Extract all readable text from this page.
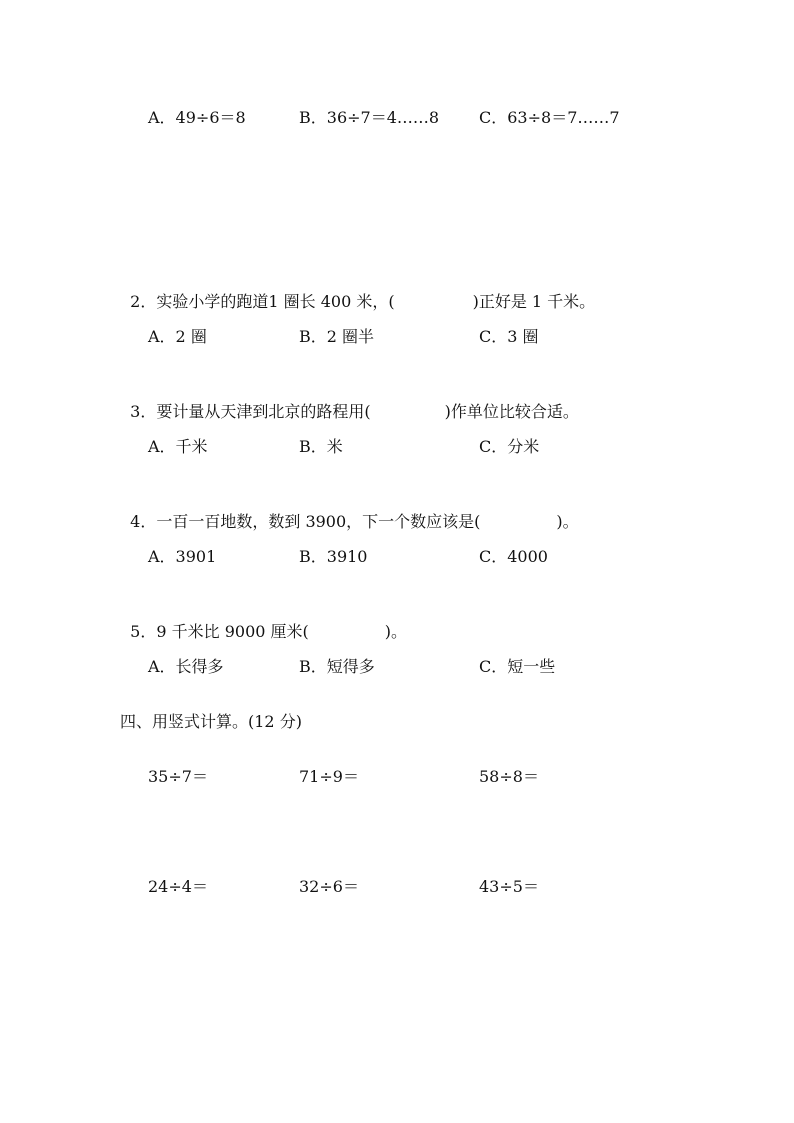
A．49÷6＝8	B．36÷7＝4……8 C．63÷8＝7……7

2．实验小学的跑道1 圈长 400 米，(	)正好是 1 千米。

A．2 圈	B．2 圈半	C．3 圈

3．要计量从天津到北京的路程用(	)作单位比较合适。

A．千米	B．米	C．分米

4．一百一百地数，数到 3900，下一个数应该是(	)。

A．3901	B．3910	C．4000

5．9 千米比 9000 厘米(	)。

A．长得多	B．短得多	C．短一些
四、用竖式计算。(12 分)
35÷7＝	71÷9＝	58÷8＝
24÷4＝	32÷6＝	43÷5＝
